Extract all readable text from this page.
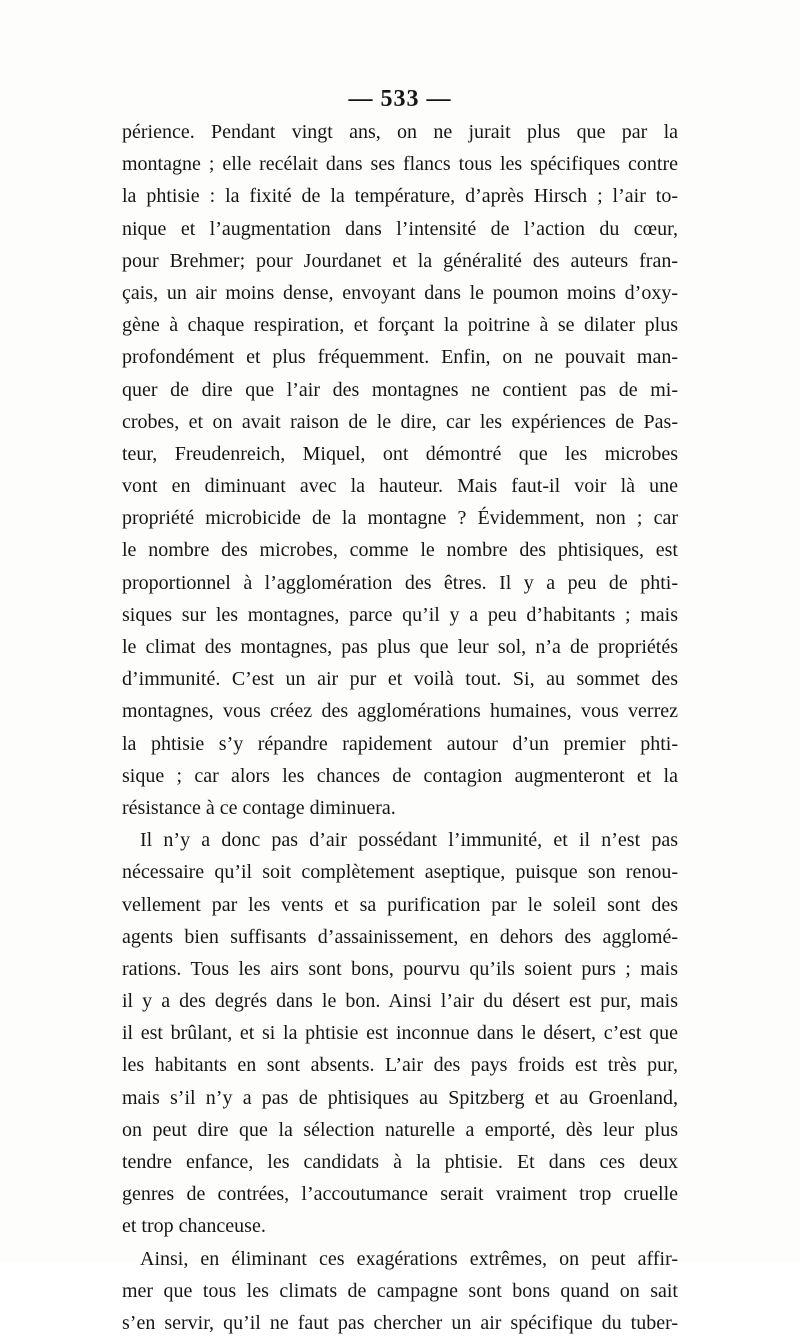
— 533 —
périence. Pendant vingt ans, on ne jurait plus que par la
montagne ; elle recélait dans ses flancs tous les spécifiques contre
la phtisie : la fixité de la température, d’après Hirsch ; l’air to-
nique et l’augmentation dans l’intensité de l’action du cœur,
pour Brehmer; pour Jourdanet et la généralité des auteurs fran-
çais, un air moins dense, envoyant dans le poumon moins d’oxy-
gène à chaque respiration, et forçant la poitrine à se dilater plus
profondément et plus fréquemment. Enfin, on ne pouvait man-
quer de dire que l’air des montagnes ne contient pas de mi-
crobes, et on avait raison de le dire, car les expériences de Pas-
teur, Freudenreich, Miquel, ont démontré que les microbes
vont en diminuant avec la hauteur. Mais faut-il voir là une
propriété microbicide de la montagne ? Évidemment, non ; car
le nombre des microbes, comme le nombre des phtisiques, est
proportionnel à l’agglomération des êtres. Il y a peu de phti-
siques sur les montagnes, parce qu’il y a peu d’habitants ; mais
le climat des montagnes, pas plus que leur sol, n’a de propriétés
d’immunité. C’est un air pur et voilà tout. Si, au sommet des
montagnes, vous créez des agglomérations humaines, vous verrez
la phtisie s’y répandre rapidement autour d’un premier phti-
sique ; car alors les chances de contagion augmenteront et la
résistance à ce contage diminuera.
Il n’y a donc pas d’air possédant l’immunité, et il n’est pas
nécessaire qu’il soit complètement aseptique, puisque son renou-
vellement par les vents et sa purification par le soleil sont des
agents bien suffisants d’assainissement, en dehors des agglomé-
rations. Tous les airs sont bons, pourvu qu’ils soient purs ; mais
il y a des degrés dans le bon. Ainsi l’air du désert est pur, mais
il est brûlant, et si la phtisie est inconnue dans le désert, c’est que
les habitants en sont absents. L’air des pays froids est très pur,
mais s’il n’y a pas de phtisiques au Spitzberg et au Groenland,
on peut dire que la sélection naturelle a emporté, dès leur plus
tendre enfance, les candidats à la phtisie. Et dans ces deux
genres de contrées, l’accoutumance serait vraiment trop cruelle
et trop chanceuse.
Ainsi, en éliminant ces exagérations extrêmes, on peut affir-
mer que tous les climats de campagne sont bons quand on sait
s’en servir, qu’il ne faut pas chercher un air spécifique du tuber-
